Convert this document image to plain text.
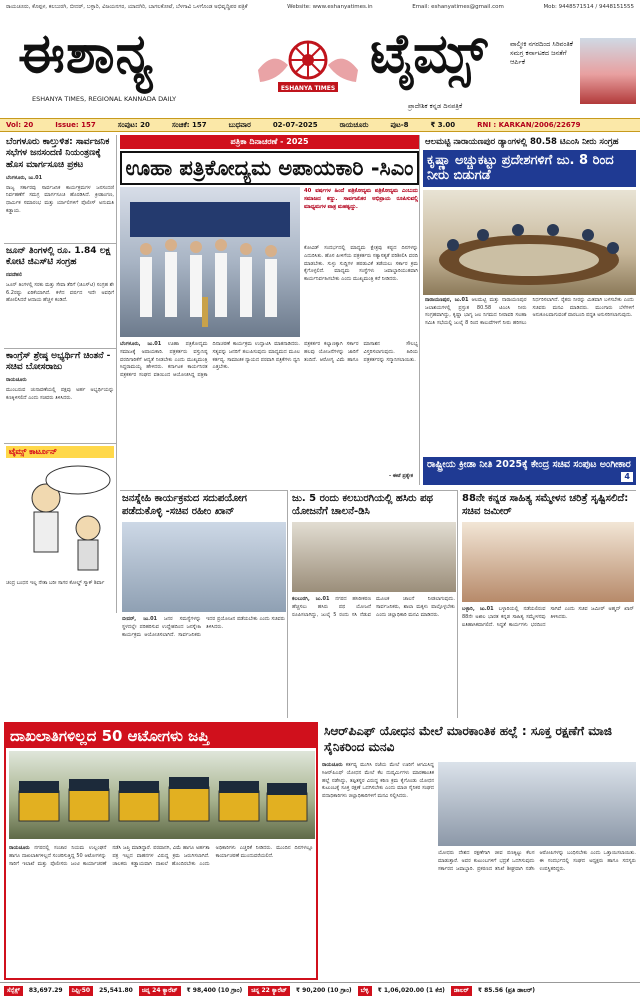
ರಾಯಚೂರು, ಕೊಪ್ಪಳ, ಕಲಬುರಗಿ, ಬೀದರ್, ಬಳ್ಳಾರಿ, ವಿಜಯನಗರ, ಯಾದಗಿರಿ, ಬಾಗಲಕೋಟೆ, ಬೆಳಗಾವಿ ಒಳಗೊಂಡ ಅಭಿವೃದ್ಧಿಪರ ಪತ್ರಿಕೆ	Website: www.eshanyatimes.in	Email: eshanyatimes@gmail.com	Mob: 9448571514 / 9448151555
ಈಶಾನ್ಯ
ESHANYA TIMES
ಟೈಮ್ಸ್
ESHANYA TIMES, REGIONAL KANNADA DAILY
ಪ್ರಾದೇಶಿಕ ಕನ್ನಡ ದಿನಪತ್ರಿಕೆ
ವಾಲ್ಮೀಕಿ ನಗರದಿಂದ ಸಿರಿವಂತಿಕೆ ಸಮಗ್ರ ಕರ್ನಾಟಕದ ಜನತೆಗೆ ಆರ್ಪಿಕೆ
Vol: 20	Issue: 157	ಸಂಪುಟ: 20	ಸಂಚಿಕೆ: 157	ಬುಧವಾರ	02-07-2025	ರಾಯಚೂರು	ಪುಟ-8	₹ 3.00	RNI : KARKAN/2006/22679
ಬೆಂಗಳೂರು ಕಾಲ್ತುಳಿತ: ಸಾರ್ವಜನಿಕ ಸಭೆಗಳ ಜನಸಂದಣಿ ನಿಯಂತ್ರಣಕ್ಕೆ ಹೊಸ ಮಾರ್ಗಸೂಚಿ ಪ್ರಕಟ
ಬೆಂಗಳೂರು, ಜು.01
ರಾಜ್ಯ ಸರ್ಕಾರವು ಸಾರ್ವಜನಿಕ ಕಾರ್ಯಕ್ರಮಗಳ ಜನಸಂದಣಿ ನಿರ್ವಹಣೆಗೆ ಸಮಗ್ರ ಮಾರ್ಗಸೂಚಿ ಹೊರಡಿಸಿದೆ. ಕ್ರೀಡಾಂಗಣ, ಧಾರ್ಮಿಕ ಸಮಾರಂಭ ಮತ್ತು ರ್ಯಾಲಿಗಳಿಗೆ ಪೊಲೀಸ್ ಅನುಮತಿ ಕಡ್ಡಾಯ.
ಜೂನ್ ತಿಂಗಳಲ್ಲಿ ರೂ. 1.84 ಲಕ್ಷ ಕೋಟಿ ಜಿಎಸ್‌ಟಿ ಸಂಗ್ರಹ
ನವದೆಹಲಿ
ಜೂನ್ ತಿಂಗಳಲ್ಲಿ ಸರಕು ಮತ್ತು ಸೇವಾ ತೆರಿಗೆ (ಜಿಎಸ್‌ಟಿ) ಸಂಗ್ರಹ ಶೇ 6.2ರಷ್ಟು ಏರಿಕೆಯಾಗಿದೆ. ಕಳೆದ ವರ್ಷದ ಇದೇ ಅವಧಿಗೆ ಹೋಲಿಸಿದರೆ ಆದಾಯ ಹೆಚ್ಚಳ ಕಂಡಿದೆ.
ಕಾಂಗ್ರೆಸ್ ಶ್ರೇಷ್ಠ ಅಭ್ಯರ್ಥಿಗೆ ಚಿಂತನೆ - ಸಚಿವ ಬೋಸರಾಜು
ರಾಯಚೂರು
ಮುಂಬರುವ ಚುನಾವಣೆಯಲ್ಲಿ ಪಕ್ಷವು ಅರ್ಹ ಅಭ್ಯರ್ಥಿಯನ್ನು ಕಣಕ್ಕಿಳಿಸಲಿದೆ ಎಂದು ಸಚಿವರು ತಿಳಿಸಿದರು.
ಟೈಮ್ಸ್ ಕಾರ್ಟೂನ್
ಚಂದ್ರ ಬಂಧನ ಇಲ್ಲ ನೇತಾ ಬರೀ ಸಾಗರ ಕೋಲ್ಡ್ ಸ್ಮಾಕ್ ಶಿರ್ವಾ
ಪತ್ರಿಕಾ ದಿನಾಚರಣೆ - 2025
ಊಹಾ ಪತ್ರಿಕೋದ್ಯಮ ಅಪಾಯಕಾರಿ -ಸಿಎಂ
40 ವರ್ಷಗಳ ಹಿಂದೆ ಪತ್ರಿಕೋದ್ಯಮ ಪತ್ರಿಕೋದ್ಯಮ ಎಂಬುದು ಸಮಾಜದ ಕಣ್ಣು. ಸಾರ್ವಜನಿಕರ ಅಭಿಪ್ರಾಯ ರೂಪಿಸುವಲ್ಲಿ ಮಾಧ್ಯಮಗಳ ಪಾತ್ರ ಮಹತ್ವದ್ದು.
ಕೋವಿಡ್ ಸಂದರ್ಭದಲ್ಲಿ ಮಾಧ್ಯಮ ಕ್ಷೇತ್ರವು ಕಷ್ಟದ ದಿನಗಳನ್ನು ಎದುರಿಸಿತು. ಹೊಸ ಪೀಳಿಗೆಯ ಪತ್ರಕರ್ತರು ಸತ್ಯಾಸತ್ಯತೆ ಪರಿಶೀಲಿಸಿ ವರದಿ ಮಾಡಬೇಕು. ಸುಳ್ಳು ಸುದ್ದಿಗಳ ಹರಡುವಿಕೆ ತಡೆಯಲು ಸರ್ಕಾರ ಕ್ರಮ ಕೈಗೊಳ್ಳಲಿದೆ. ಮಾಧ್ಯಮ ಸಂಸ್ಥೆಗಳು ಜವಾಬ್ದಾರಿಯುತವಾಗಿ ಕಾರ್ಯನಿರ್ವಹಿಸಬೇಕು ಎಂದು ಮುಖ್ಯಮಂತ್ರಿ ಕರೆ ನೀಡಿದರು.
ಬೆಂಗಳೂರು, ಜು.01 ಊಹಾ ಪತ್ರಿಕೋದ್ಯಮ ಸಮಾಜಕ್ಕೆ ಅಪಾಯಕಾರಿ. ಪತ್ರಕರ್ತರು ವಸ್ತುನಿಷ್ಠ ವರದಿಗಾರಿಕೆಗೆ ಆದ್ಯತೆ ನೀಡಬೇಕು ಎಂದು ಮುಖ್ಯಮಂತ್ರಿ ಸಿದ್ದರಾಮಯ್ಯ ಹೇಳಿದರು. ಕರ್ನಾಟಕ ಕಾರ್ಯನಿರತ ಪತ್ರಕರ್ತರ ಸಂಘದ ವತಿಯಿಂದ ಆಯೋಜಿಸಿದ್ದ ಪತ್ರಿಕಾ ದಿನಾಚರಣೆ ಕಾರ್ಯಕ್ರಮ ಉದ್ಘಾಟಿಸಿ ಮಾತನಾಡಿದರು. ಸತ್ಯವನ್ನು ಜನರಿಗೆ ತಲುಪಿಸುವುದು ಮಾಧ್ಯಮದ ಮೂಲ ಕರ್ತವ್ಯ. ಸಾಮಾಜಿಕ ನ್ಯಾಯದ ಪರವಾಗಿ ಪತ್ರಿಕೆಗಳು ಧ್ವನಿ ಎತ್ತಬೇಕು.
ಪತ್ರಕರ್ತರ ಕಲ್ಯಾಣಕ್ಕಾಗಿ ಸರ್ಕಾರ ಹಲವು ಯೋಜನೆಗಳನ್ನು ಜಾರಿಗೆ ತಂದಿದೆ. ಆರೋಗ್ಯ ವಿಮೆ ಹಾಗೂ ಮಾಸಾಶನ ಸೌಲಭ್ಯ ವಿಸ್ತರಿಸಲಾಗುವುದು. ಹಿರಿಯ ಪತ್ರಕರ್ತರನ್ನು ಸನ್ಮಾನಿಸಲಾಯಿತು.
- ಈಟೆ ಪ್ರತ್ಯೇಕ
ಆಲಮಟ್ಟಿ ನಾರಾಯಣಪುರ ಡ್ಯಾಂಗಳಲ್ಲಿ 80.58 ಟಿಎಂಸಿ ನೀರು ಸಂಗ್ರಹ
ಕೃಷ್ಣಾ ಅಚ್ಚುಕಟ್ಟು ಪ್ರದೇಶಗಳಿಗೆ ಜು. 8 ರಿಂದ ನೀರು ಬಿಡುಗಡೆ
ನಾರಾಯಣಪುರ, ಜು.01 ಆಲಮಟ್ಟಿ ಮತ್ತು ನಾರಾಯಣಪುರ ಜಲಾಶಯಗಳಲ್ಲಿ ಪ್ರಸ್ತುತ 80.58 ಟಿಎಂಸಿ ನೀರು ಸಂಗ್ರಹವಾಗಿದ್ದು, ಕೃಷ್ಣಾ ಭಾಗ್ಯ ಜಲ ನಿಗಮದ ನೀರಾವರಿ ಸಲಹಾ ಸಮಿತಿ ಸಭೆಯಲ್ಲಿ ಜುಲೈ 8 ರಿಂದ ಕಾಲುವೆಗಳಿಗೆ ನೀರು ಹರಿಸಲು ನಿರ್ಧರಿಸಲಾಗಿದೆ. ರೈತರು ನೀರನ್ನು ಮಿತವಾಗಿ ಬಳಸಬೇಕು ಎಂದು ಸಚಿವರು ಮನವಿ ಮಾಡಿದರು. ಮುಂಗಾರು ಬೆಳೆಗಳಿಗೆ ಅನುಕೂಲವಾಗುವಂತೆ ವಾರಬಂದಿ ಪದ್ಧತಿ ಅನುಸರಿಸಲಾಗುವುದು.
ರಾಷ್ಟ್ರೀಯ ಕ್ರೀಡಾ ನೀತಿ 2025ಕ್ಕೆ ಕೇಂದ್ರ ಸಚಿವ ಸಂಪುಟ ಅಂಗೀಕಾರ
4
ಜನಸ್ನೇಹಿ ಕಾರ್ಯಕ್ರಮದ ಸದುಪಯೋಗ ಪಡೆದುಕೊಳ್ಳಿ -ಸಚಿವ ರಹೀಂ ಖಾನ್
ಬೀದರ್, ಜು.01 ಜನರ ಸಮಸ್ಯೆಗಳನ್ನು ಸ್ಥಳದಲ್ಲೇ ಪರಿಹರಿಸುವ ಉದ್ದೇಶದಿಂದ ಜನಸ್ನೇಹಿ ಕಾರ್ಯಕ್ರಮ ಆಯೋಜಿಸಲಾಗಿದೆ. ಸಾರ್ವಜನಿಕರು ಇದರ ಪ್ರಯೋಜನ ಪಡೆಯಬೇಕು ಎಂದು ಸಚಿವರು ತಿಳಿಸಿದರು.
ಜು. 5 ರಂದು ಕಲಬುರಗಿಯಲ್ಲಿ ಹಸಿರು ಪಥ ಯೋಜನೆಗೆ ಚಾಲನೆ-ಡಿಸಿ
ಕಲಬುರಗಿ, ಜು.01 ನಗರದ ಹಸಿರೀಕರಣ ಹೆಚ್ಚಿಸಲು ಹಸಿರು ಪಥ ಯೋಜನೆ ರೂಪಿಸಲಾಗಿದ್ದು, ಜುಲೈ 5 ರಂದು ಸಸಿ ನೆಡುವ ಮೂಲಕ ಚಾಲನೆ ನೀಡಲಾಗುವುದು. ಸಾರ್ವಜನಿಕರು, ಶಾಲಾ ಮಕ್ಕಳು ಪಾಲ್ಗೊಳ್ಳಬೇಕು ಎಂದು ಜಿಲ್ಲಾಧಿಕಾರಿ ಮನವಿ ಮಾಡಿದರು.
88ನೇ ಕನ್ನಡ ಸಾಹಿತ್ಯ ಸಮ್ಮೇಳನ ಚರಿತ್ರೆ ಸೃಷ್ಟಿಸಲಿದೆ: ಸಚಿವ ಜಮೀರ್
ಬಳ್ಳಾರಿ, ಜು.01 ಬಳ್ಳಾರಿಯಲ್ಲಿ ನಡೆಯಲಿರುವ 88ನೇ ಅಖಿಲ ಭಾರತ ಕನ್ನಡ ಸಾಹಿತ್ಯ ಸಮ್ಮೇಳನವು ಐತಿಹಾಸಿಕವಾಗಲಿದೆ. ಸಿದ್ಧತೆ ಕಾರ್ಯಗಳು ಭರದಿಂದ ಸಾಗಿವೆ ಎಂದು ಸಚಿವ ಜಮೀರ್ ಅಹ್ಮದ್ ಖಾನ್ ತಿಳಿಸಿದರು.
ದಾಖಲಾತಿಗಳಿಲ್ಲದ 50 ಆಟೋಗಳು ಜಪ್ತಿ
ರಾಯಚೂರು ನಗರದಲ್ಲಿ ಸಂಚಾರ ನಿಯಮ ಉಲ್ಲಂಘನೆ ಹಾಗೂ ದಾಖಲಾತಿಗಳಿಲ್ಲದೆ ಸಂಚರಿಸುತ್ತಿದ್ದ 50 ಆಟೋಗಳನ್ನು ಸಾರಿಗೆ ಇಲಾಖೆ ಮತ್ತು ಪೊಲೀಸರು ಜಂಟಿ ಕಾರ್ಯಾಚರಣೆ ನಡೆಸಿ ಜಪ್ತಿ ಮಾಡಿದ್ದಾರೆ. ಪರವಾನಗಿ, ವಿಮೆ ಹಾಗೂ ಅರ್ಹತಾ ಪತ್ರ ಇಲ್ಲದ ವಾಹನಗಳ ವಿರುದ್ಧ ಕ್ರಮ ಜರುಗಿಸಲಾಗಿದೆ. ಚಾಲಕರು ಕಡ್ಡಾಯವಾಗಿ ದಾಖಲೆ ಹೊಂದಿರಬೇಕು ಎಂದು ಅಧಿಕಾರಿಗಳು ಎಚ್ಚರಿಕೆ ನೀಡಿದರು. ಮುಂದಿನ ದಿನಗಳಲ್ಲೂ ಕಾರ್ಯಾಚರಣೆ ಮುಂದುವರೆಯಲಿದೆ.
ಸಿಆರ್‌ಪಿಎಫ್ ಯೋಧನ ಮೇಲೆ ಮಾರಕಾಂತಿಕ ಹಲ್ಲೆ : ಸೂಕ್ತ ರಕ್ಷಣೆಗೆ ಮಾಜಿ ಸೈನಿಕರಿಂದ ಮನವಿ
ರಾಯಚೂರು ಕರ್ತವ್ಯ ಮುಗಿಸಿ ರಜೆಯ ಮೇಲೆ ಊರಿಗೆ ಆಗಮಿಸಿದ್ದ ಸಿಆರ್‌ಪಿಎಫ್ ಯೋಧನ ಮೇಲೆ ಕೆಲ ದುಷ್ಕರ್ಮಿಗಳು ಮಾರಣಾಂತಿಕ ಹಲ್ಲೆ ನಡೆಸಿದ್ದು, ತಪ್ಪಿತಸ್ಥರ ವಿರುದ್ಧ ಕಠಿಣ ಕ್ರಮ ಕೈಗೊಂಡು ಯೋಧನ ಕುಟುಂಬಕ್ಕೆ ಸೂಕ್ತ ರಕ್ಷಣೆ ಒದಗಿಸಬೇಕು ಎಂದು ಮಾಜಿ ಸೈನಿಕರ ಸಂಘದ ಪದಾಧಿಕಾರಿಗಳು ಜಿಲ್ಲಾಧಿಕಾರಿಗಳಿಗೆ ಮನವಿ ಸಲ್ಲಿಸಿದರು.
ಯೋಧರು ದೇಶದ ರಕ್ಷಣೆಗಾಗಿ ಜೀವ ಪಣಕ್ಕಿಟ್ಟು ಕೆಲಸ ಮಾಡುತ್ತಾರೆ. ಅವರ ಕುಟುಂಬಗಳಿಗೆ ಭದ್ರತೆ ಒದಗಿಸುವುದು ಸರ್ಕಾರದ ಜವಾಬ್ದಾರಿ. ಪ್ರಕರಣದ ತನಿಖೆ ಶೀಘ್ರವಾಗಿ ನಡೆಸಿ ಆರೋಪಿಗಳನ್ನು ಬಂಧಿಸಬೇಕು ಎಂದು ಒತ್ತಾಯಿಸಲಾಯಿತು. ಈ ಸಂದರ್ಭದಲ್ಲಿ ಸಂಘದ ಅಧ್ಯಕ್ಷರು ಹಾಗೂ ಸದಸ್ಯರು ಉಪಸ್ಥಿತರಿದ್ದರು.
ಸೆನ್ಸೆಕ್ಸ್	83,697.29	ನಿಫ್ಟಿ-50	25,541.80	ಚಿನ್ನ 24 ಕ್ಯಾರೆಟ್	₹ 98,400 (10 ಗ್ರಾಂ)	ಚಿನ್ನ 22 ಕ್ಯಾರೆಟ್	₹ 90,200 (10 ಗ್ರಾಂ)	ಬೆಳ್ಳಿ	₹ 1,06,020.00 (1 ಕೆಜಿ)	ಡಾಲರ್	₹ 85.56 (ಪ್ರತಿ ಡಾಲರ್)
